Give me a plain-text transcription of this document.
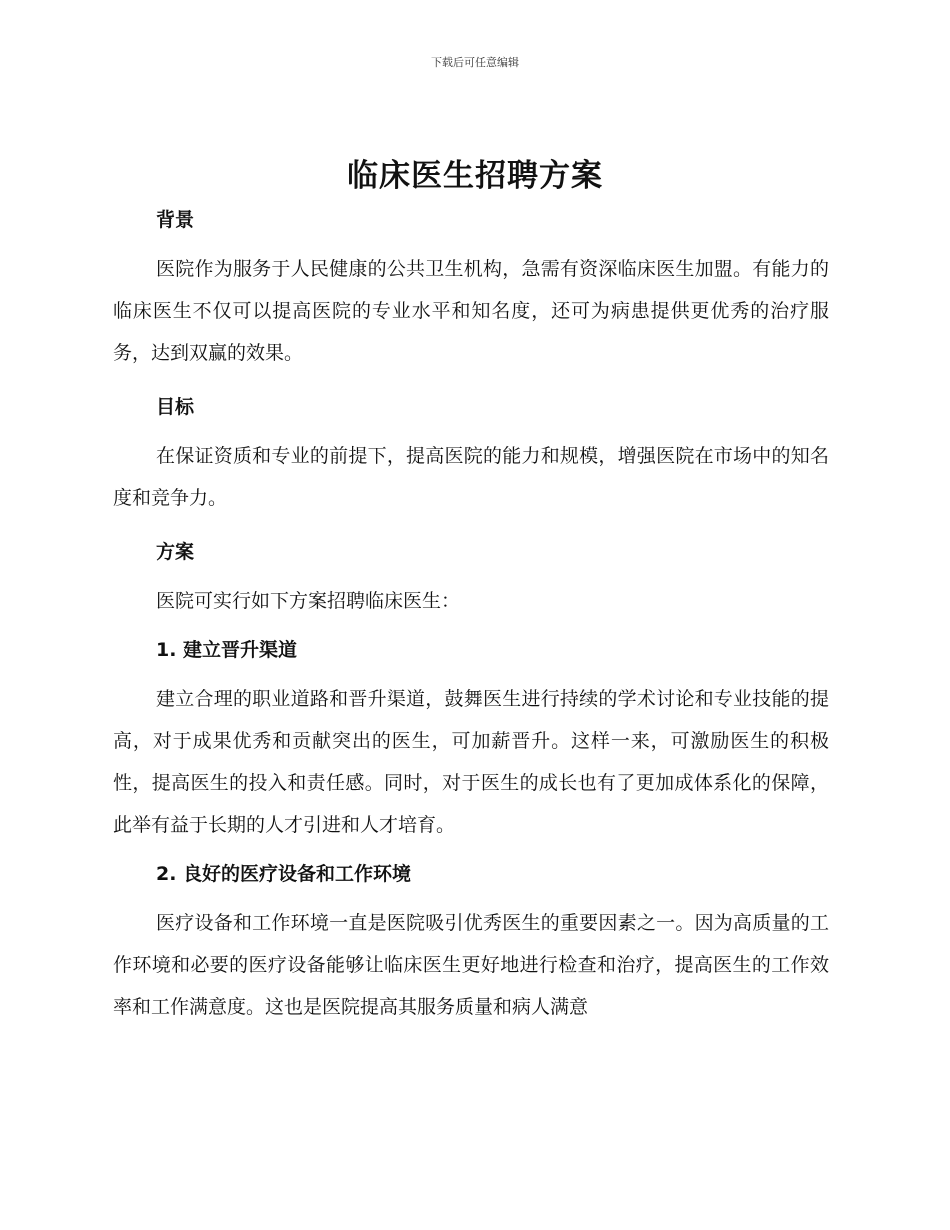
下载后可任意编辑
临床医生招聘方案
背景

医院作为服务于人民健康的公共卫生机构，急需有资深临床医生加盟。有能力的临床医生不仅可以提高医院的专业水平和知名度，还可为病患提供更优秀的治疗服务，达到双赢的效果。

目标

在保证资质和专业的前提下，提高医院的能力和规模，增强医院在市场中的知名度和竞争力。

方案

医院可实行如下方案招聘临床医生：

1. 建立晋升渠道

建立合理的职业道路和晋升渠道，鼓舞医生进行持续的学术讨论和专业技能的提高，对于成果优秀和贡献突出的医生，可加薪晋升。这样一来，可激励医生的积极性，提高医生的投入和责任感。同时，对于医生的成长也有了更加成体系化的保障，此举有益于长期的人才引进和人才培育。

2. 良好的医疗设备和工作环境

医疗设备和工作环境一直是医院吸引优秀医生的重要因素之一。因为高质量的工作环境和必要的医疗设备能够让临床医生更好地进行检查和治疗，提高医生的工作效率和工作满意度。这也是医院提高其服务质量和病人满意
